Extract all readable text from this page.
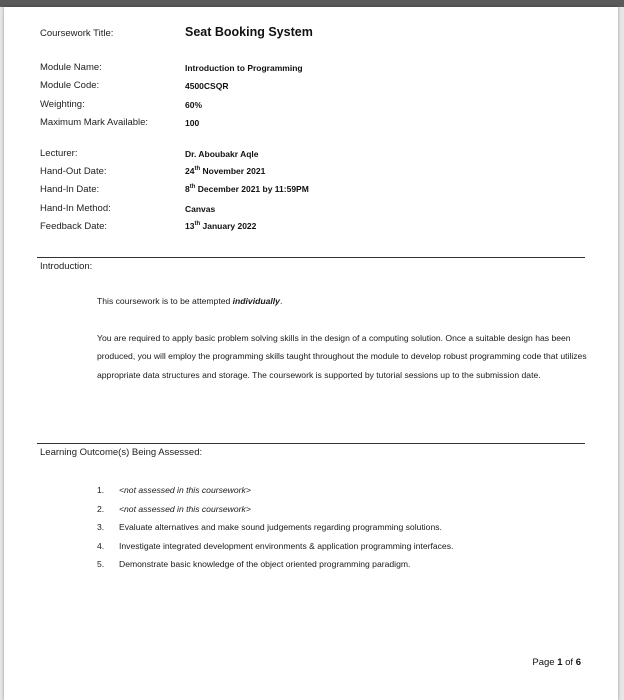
Coursework Title:	Seat Booking System
Module Name:	Introduction to Programming
Module Code:	4500CSQR
Weighting:	60%
Maximum Mark Available:	100
Lecturer:	Dr. Aboubakr Aqle
Hand-Out Date:	24th November 2021
Hand-In Date:	8th December 2021 by 11:59PM
Hand-In Method:	Canvas
Feedback Date:	13th January 2022
Introduction:

This coursework is to be attempted individually.

You are required to apply basic problem solving skills in the design of a computing solution. Once a suitable design has been produced, you will employ the programming skills taught throughout the module to develop robust programming code that utilizes appropriate data structures and storage. The coursework is supported by tutorial sessions up to the submission date.

Learning Outcome(s) Being Assessed:
1. <not assessed in this coursework>
2. <not assessed in this coursework>
3. Evaluate alternatives and make sound judgements regarding programming solutions.
4. Investigate integrated development environments & application programming interfaces.
5. Demonstrate basic knowledge of the object oriented programming paradigm.
Page 1 of 6
